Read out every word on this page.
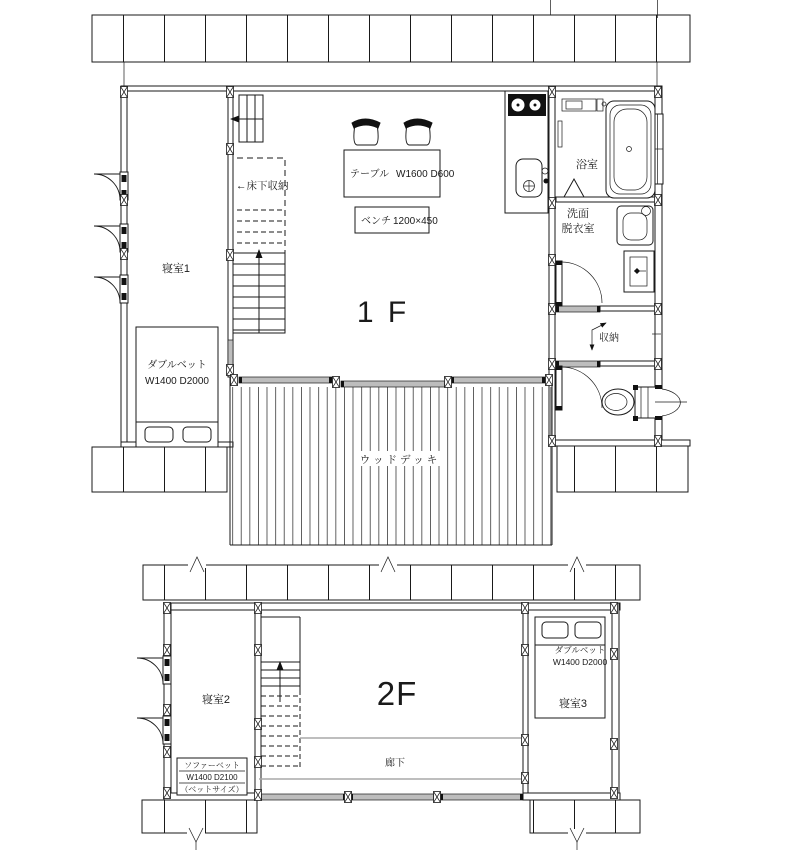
1 F
寝室1
ダブルベット
W1400 D2000
←床下収納
テーブル W1600 D600
ベンチ 1200×450
浴室
洗面
脱衣室
収納
ウッドデッキ
2F
寝室2
廊下
ソファーベット
W1400 D2100
（ベットサイズ）
ダブルベット
W1400 D2000
寝室3
